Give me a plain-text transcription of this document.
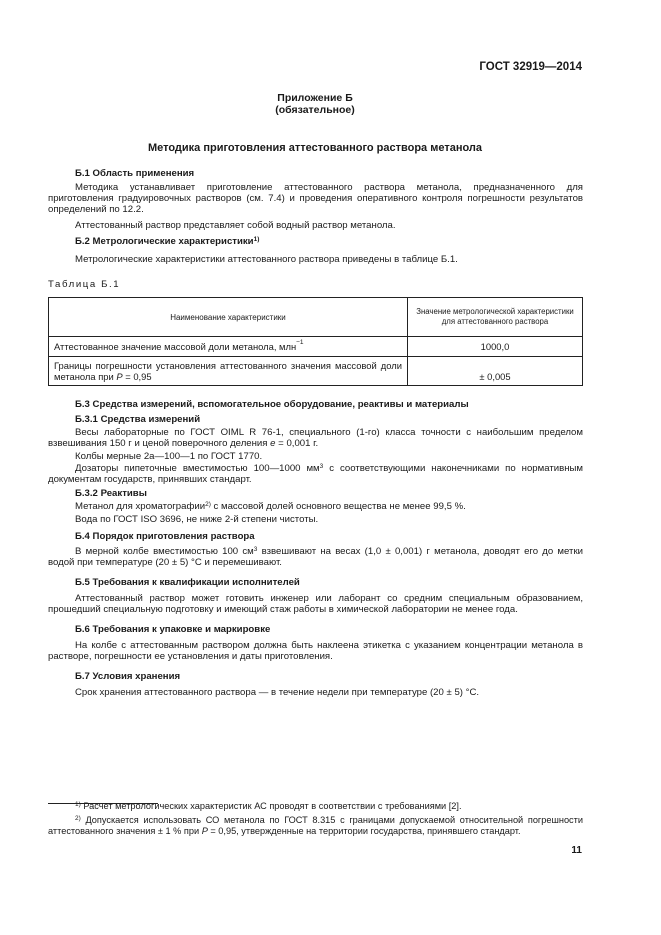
ГОСТ 32919—2014
Приложение Б
(обязательное)
Методика приготовления аттестованного раствора метанола
Б.1 Область применения
Методика устанавливает приготовление аттестованного раствора метанола, предназначенного для приготовления градуировочных растворов (см. 7.4) и проведения оперативного контроля погрешности результатов определений по 12.2.
Аттестованный раствор представляет собой водный раствор метанола.
Б.2 Метрологические характеристики$^{1)}$
Метрологические характеристики аттестованного раствора приведены в таблице Б.1.
Таблица Б.1
Наименование характеристики	Значение метрологической характеристики для аттестованного раствора
Аттестованное значение массовой доли метанола, млн$^{-1}$	1000,0
Границы погрешности установления аттестованного значения массовой доли метанола при P = 0,95	± 0,005
Б.3 Средства измерений, вспомогательное оборудование, реактивы и материалы
Б.3.1 Средства измерений
Весы лабораторные по ГОСТ OIML R 76-1, специального (1-го) класса точности с наибольшим пределом взвешивания 150 г и ценой поверочного деления е = 0,001 г.
Колбы мерные 2а—100—1 по ГОСТ 1770.
Дозаторы пипеточные вместимостью 100—1000 $мм^3$ с соответствующими наконечниками по нормативным документам государств, принявших стандарт.
Б.3.2 Реактивы
Метанол для хроматографии$^{2)}$ с массовой долей основного вещества не менее 99,5 %.
Вода по ГОСТ ISO 3696, не ниже 2-й степени чистоты.
Б.4 Порядок приготовления раствора
В мерной колбе вместимостью 100 $см^3$ взвешивают на весах (1,0 ± 0,001) г метанола, доводят его до метки водой при температуре (20 ± 5) °С и перемешивают.
Б.5 Требования к квалификации исполнителей
Аттестованный раствор может готовить инженер или лаборант со средним специальным образованием, прошедший специальную подготовку и имеющий стаж работы в химической лаборатории не менее года.
Б.6 Требования к упаковке и маркировке
На колбе с аттестованным раствором должна быть наклеена этикетка с указанием концентрации метанола в растворе, погрешности ее установления и даты приготовления.
Б.7 Условия хранения
Срок хранения аттестованного раствора — в течение недели при температуре (20 ± 5) °С.
$^{1)}$ Расчет метрологических характеристик АС проводят в соответствии с требованиями [2].
$^{2)}$ Допускается использовать СО метанола по ГОСТ 8.315 с границами допускаемой относительной погрешности аттестованного значения ± 1 % при P = 0,95, утвержденные на территории государства, принявшего стандарт.
11
